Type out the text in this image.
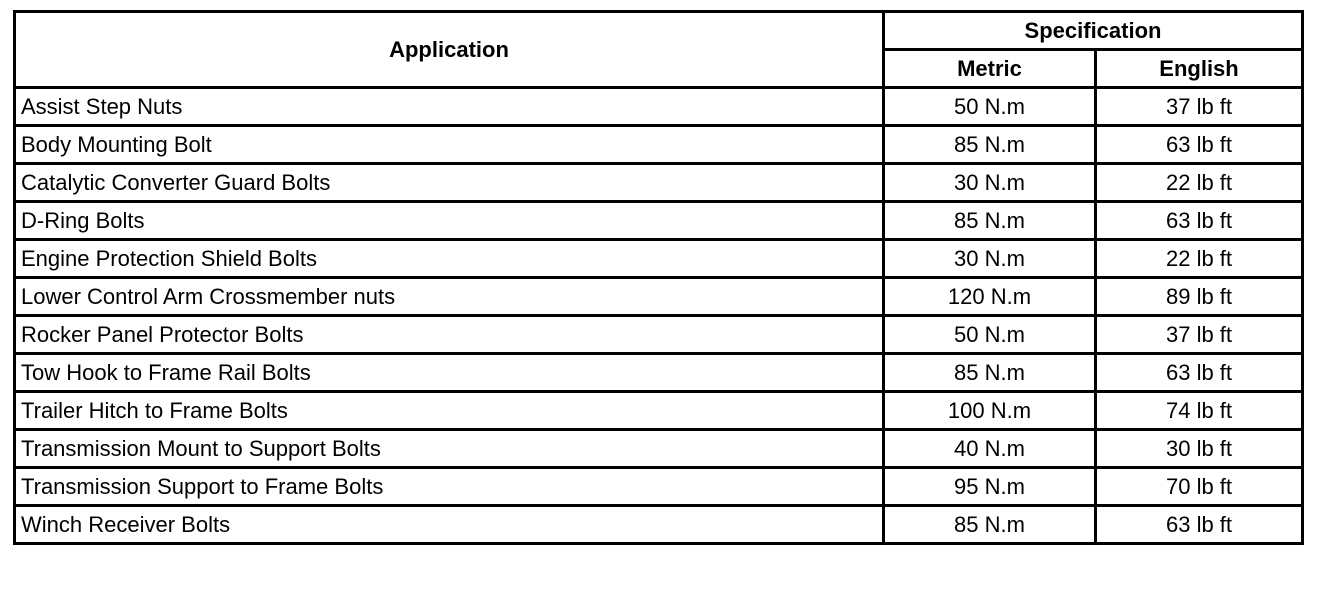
Application	Specification	
	Metric	English
Assist Step Nuts	50 N.m	37 lb ft
Body Mounting Bolt	85 N.m	63 lb ft
Catalytic Converter Guard Bolts	30 N.m	22 lb ft
D-Ring Bolts	85 N.m	63 lb ft
Engine Protection Shield Bolts	30 N.m	22 lb ft
Lower Control Arm Crossmember nuts	120 N.m	89 lb ft
Rocker Panel Protector Bolts	50 N.m	37 lb ft
Tow Hook to Frame Rail Bolts	85 N.m	63 lb ft
Trailer Hitch to Frame Bolts	100 N.m	74 lb ft
Transmission Mount to Support Bolts	40 N.m	30 lb ft
Transmission Support to Frame Bolts	95 N.m	70 lb ft
Winch Receiver Bolts	85 N.m	63 lb ft
